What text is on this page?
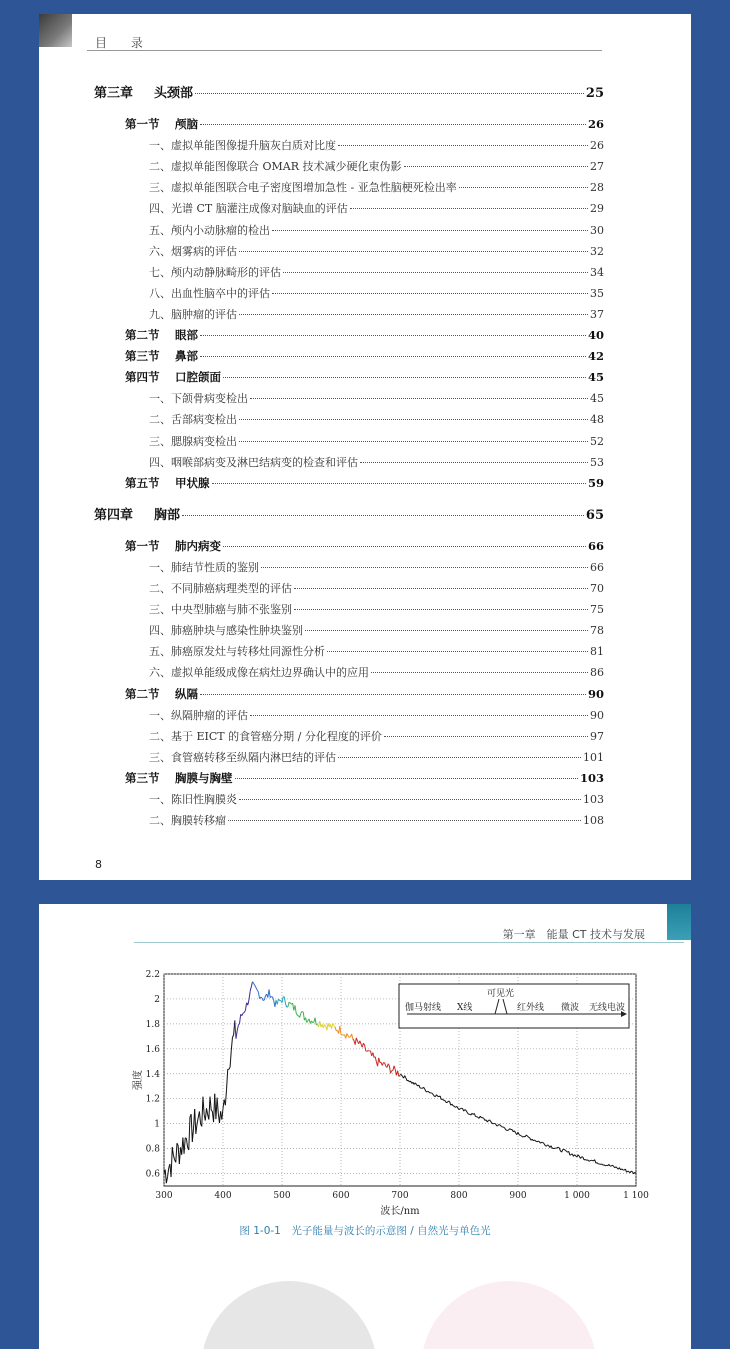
目 录
第三章 头颈部	25
第一节 颅脑	26
一、虚拟单能图像提升脑灰白质对比度	26
二、虚拟单能图像联合 OMAR 技术减少硬化束伪影	27
三、虚拟单能图联合电子密度图增加急性 - 亚急性脑梗死检出率	28
四、光谱 CT 脑灌注成像对脑缺血的评估	29
五、颅内小动脉瘤的检出	30
六、烟雾病的评估	32
七、颅内动静脉畸形的评估	34
八、出血性脑卒中的评估	35
九、脑肿瘤的评估	37
第二节 眼部	40
第三节 鼻部	42
第四节 口腔颌面	45
一、下颌骨病变检出	45
二、舌部病变检出	48
三、腮腺病变检出	52
四、咽喉部病变及淋巴结病变的检查和评估	53
第五节 甲状腺	59
第四章 胸部	65
第一节 肺内病变	66
一、肺结节性质的鉴别	66
二、不同肺癌病理类型的评估	70
三、中央型肺癌与肺不张鉴别	75
四、肺癌肿块与感染性肿块鉴别	78
五、肺癌原发灶与转移灶同源性分析	81
六、虚拟单能级成像在病灶边界确认中的应用	86
第二节 纵隔	90
一、纵隔肿瘤的评估	90
二、基于 EICT 的食管癌分期 / 分化程度的评价	97
三、食管癌转移至纵隔内淋巴结的评估	101
第三节 胸膜与胸壁	103
一、陈旧性胸膜炎	103
二、胸膜转移瘤	108
8
第一章　能量 CT 技术与发展
300	400	500	600	700	800	900	1 000	1 100
0.6
0.8
1
1.2
1.4
1.6
1.8
2
2.2
波长/nm
强度
伽马射线 X线
可见光
红外线 微波 无线电波
图 1-0-1　光子能量与波长的示意图 / 自然光与单色光
